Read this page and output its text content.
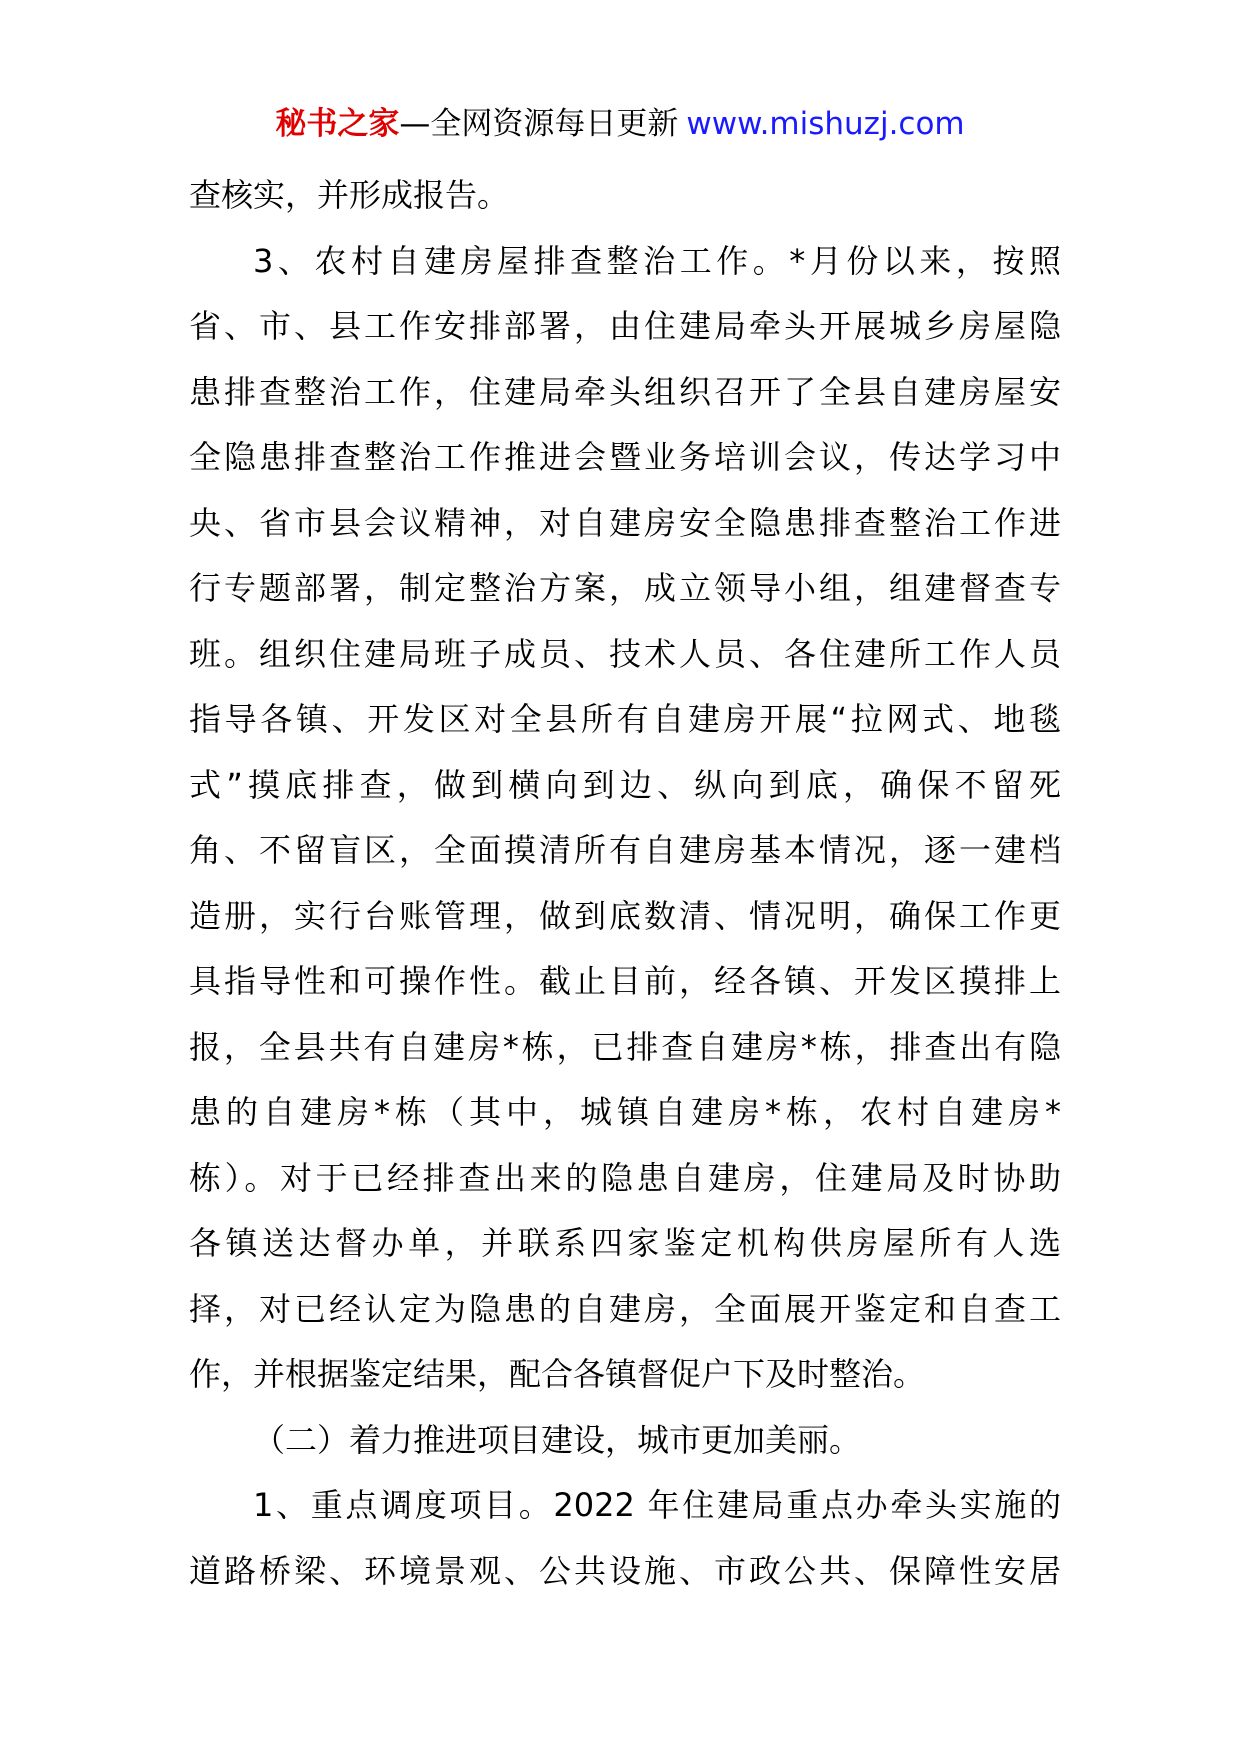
秘书之家—全网资源每日更新 www.mishuzj.com
查核实，并形成报告。
3、农村自建房屋排查整治工作。*月份以来，按照
省、市、县工作安排部署，由住建局牵头开展城乡房屋隐
患排查整治工作，住建局牵头组织召开了全县自建房屋安
全隐患排查整治工作推进会暨业务培训会议，传达学习中
央、省市县会议精神，对自建房安全隐患排查整治工作进
行专题部署，制定整治方案，成立领导小组，组建督查专
班。组织住建局班子成员、技术人员、各住建所工作人员
指导各镇、开发区对全县所有自建房开展“拉网式、地毯
式”摸底排查，做到横向到边、纵向到底，确保不留死
角、不留盲区，全面摸清所有自建房基本情况，逐一建档
造册，实行台账管理，做到底数清、情况明，确保工作更
具指导性和可操作性。截止目前，经各镇、开发区摸排上
报，全县共有自建房*栋，已排查自建房*栋，排查出有隐
患的自建房*栋（其中，城镇自建房*栋，农村自建房*
栋）。对于已经排查出来的隐患自建房，住建局及时协助
各镇送达督办单，并联系四家鉴定机构供房屋所有人选
择，对已经认定为隐患的自建房，全面展开鉴定和自查工
作，并根据鉴定结果，配合各镇督促户下及时整治。
（二）着力推进项目建设，城市更加美丽。
1、重点调度项目。2022 年住建局重点办牵头实施的
道路桥梁、环境景观、公共设施、市政公共、保障性安居
